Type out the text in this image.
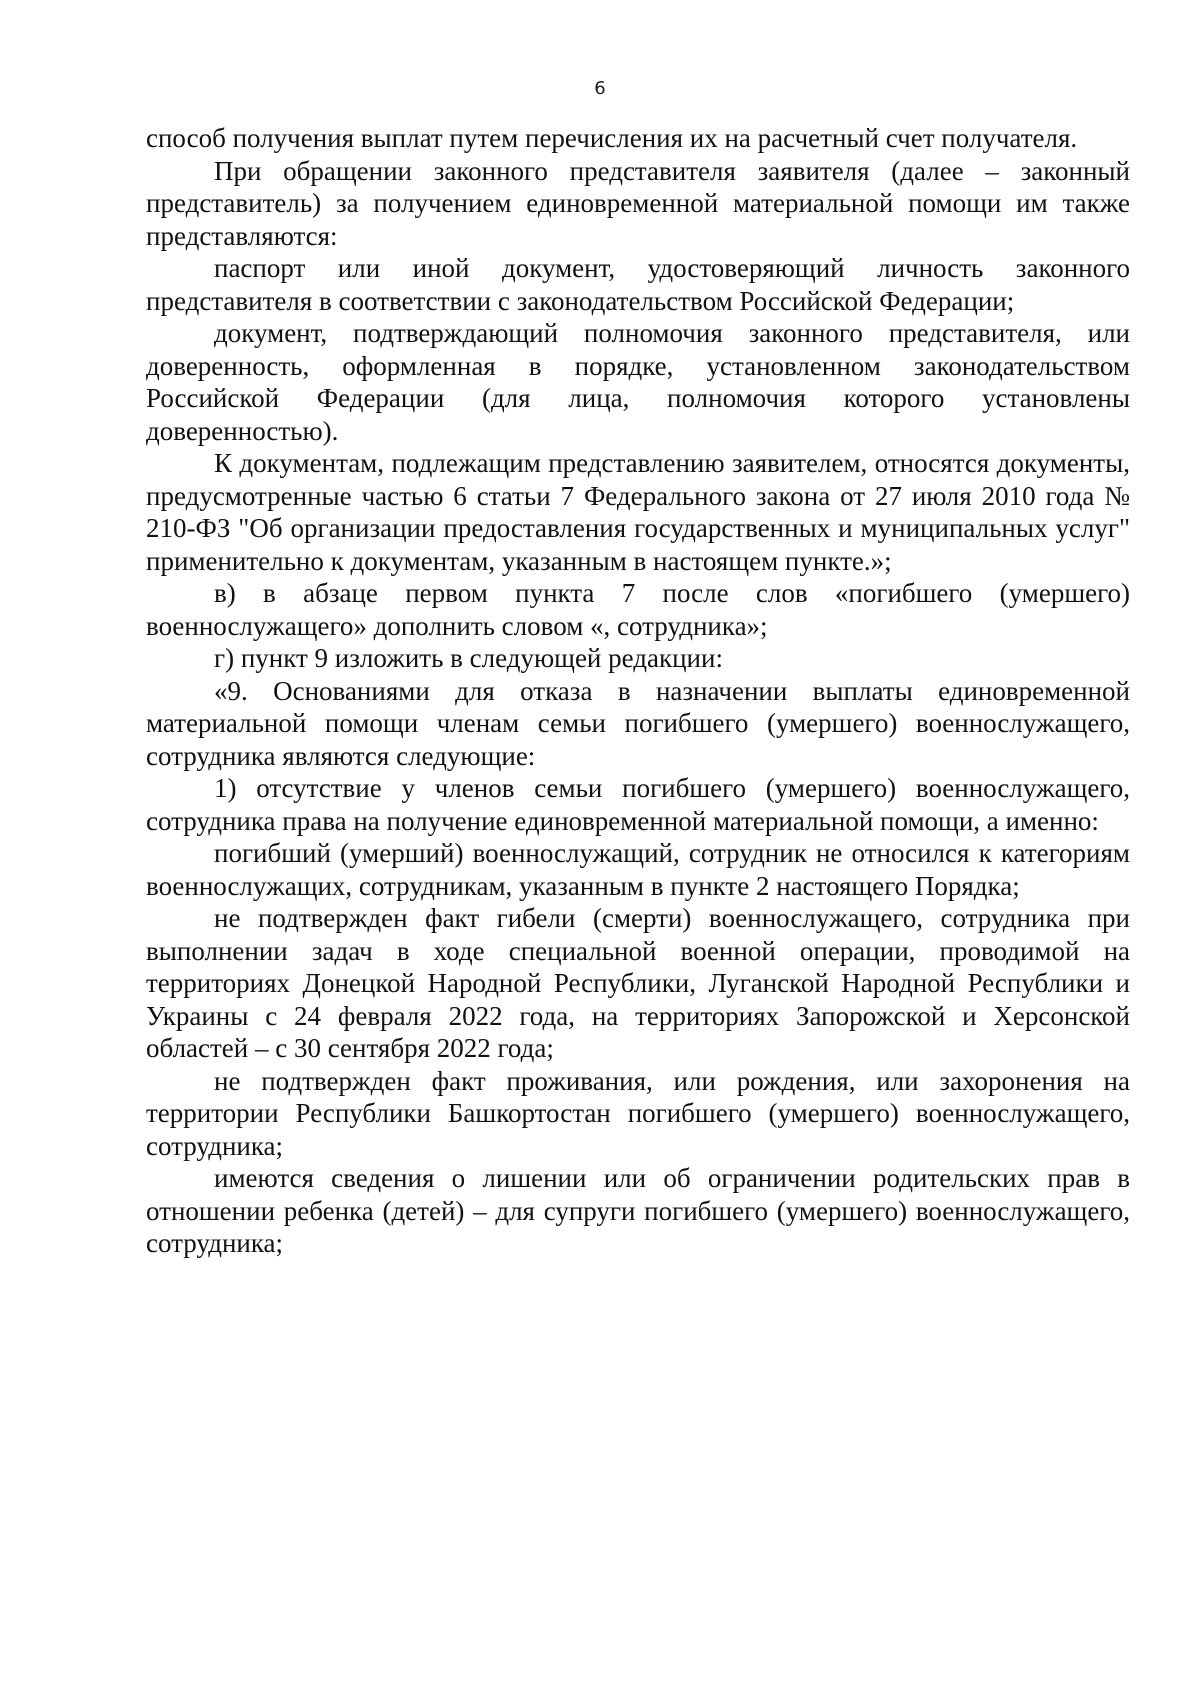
6

способ получения выплат путем перечисления их на расчетный счет получателя.

При обращении законного представителя заявителя (далее – законный представитель) за получением единовременной материальной помощи им также представляются:

паспорт или иной документ, удостоверяющий личность законного представителя в соответствии с законодательством Российской Федерации;

документ, подтверждающий полномочия законного представителя, или доверенность, оформленная в порядке, установленном законодательством Российской Федерации (для лица, полномочия которого установлены доверенностью).

К документам, подлежащим представлению заявителем, относятся документы, предусмотренные частью 6 статьи 7 Федерального закона от 27 июля 2010 года № 210-ФЗ "Об организации предоставления государственных и муниципальных услуг" применительно к документам, указанным в настоящем пункте.»;

в) в абзаце первом пункта 7 после слов «погибшего (умершего) военнослужащего» дополнить словом «, сотрудника»;

г) пункт 9 изложить в следующей редакции:

«9. Основаниями для отказа в назначении выплаты единовременной материальной помощи членам семьи погибшего (умершего) военнослужащего, сотрудника являются следующие:

1) отсутствие у членов семьи погибшего (умершего) военнослужащего, сотрудника права на получение единовременной материальной помощи, а именно:

погибший (умерший) военнослужащий, сотрудник не относился к категориям военнослужащих, сотрудникам, указанным в пункте 2 настоящего Порядка;

не подтвержден факт гибели (смерти) военнослужащего, сотрудника при выполнении задач в ходе специальной военной операции, проводимой на территориях Донецкой Народной Республики, Луганской Народной Республики и Украины с 24 февраля 2022 года, на территориях Запорожской и Херсонской областей – с 30 сентября 2022 года;

не подтвержден факт проживания, или рождения, или захоронения на территории Республики Башкортостан погибшего (умершего) военнослужащего, сотрудника;

имеются сведения о лишении или об ограничении родительских прав в отношении ребенка (детей) – для супруги погибшего (умершего) военнослужащего, сотрудника;
